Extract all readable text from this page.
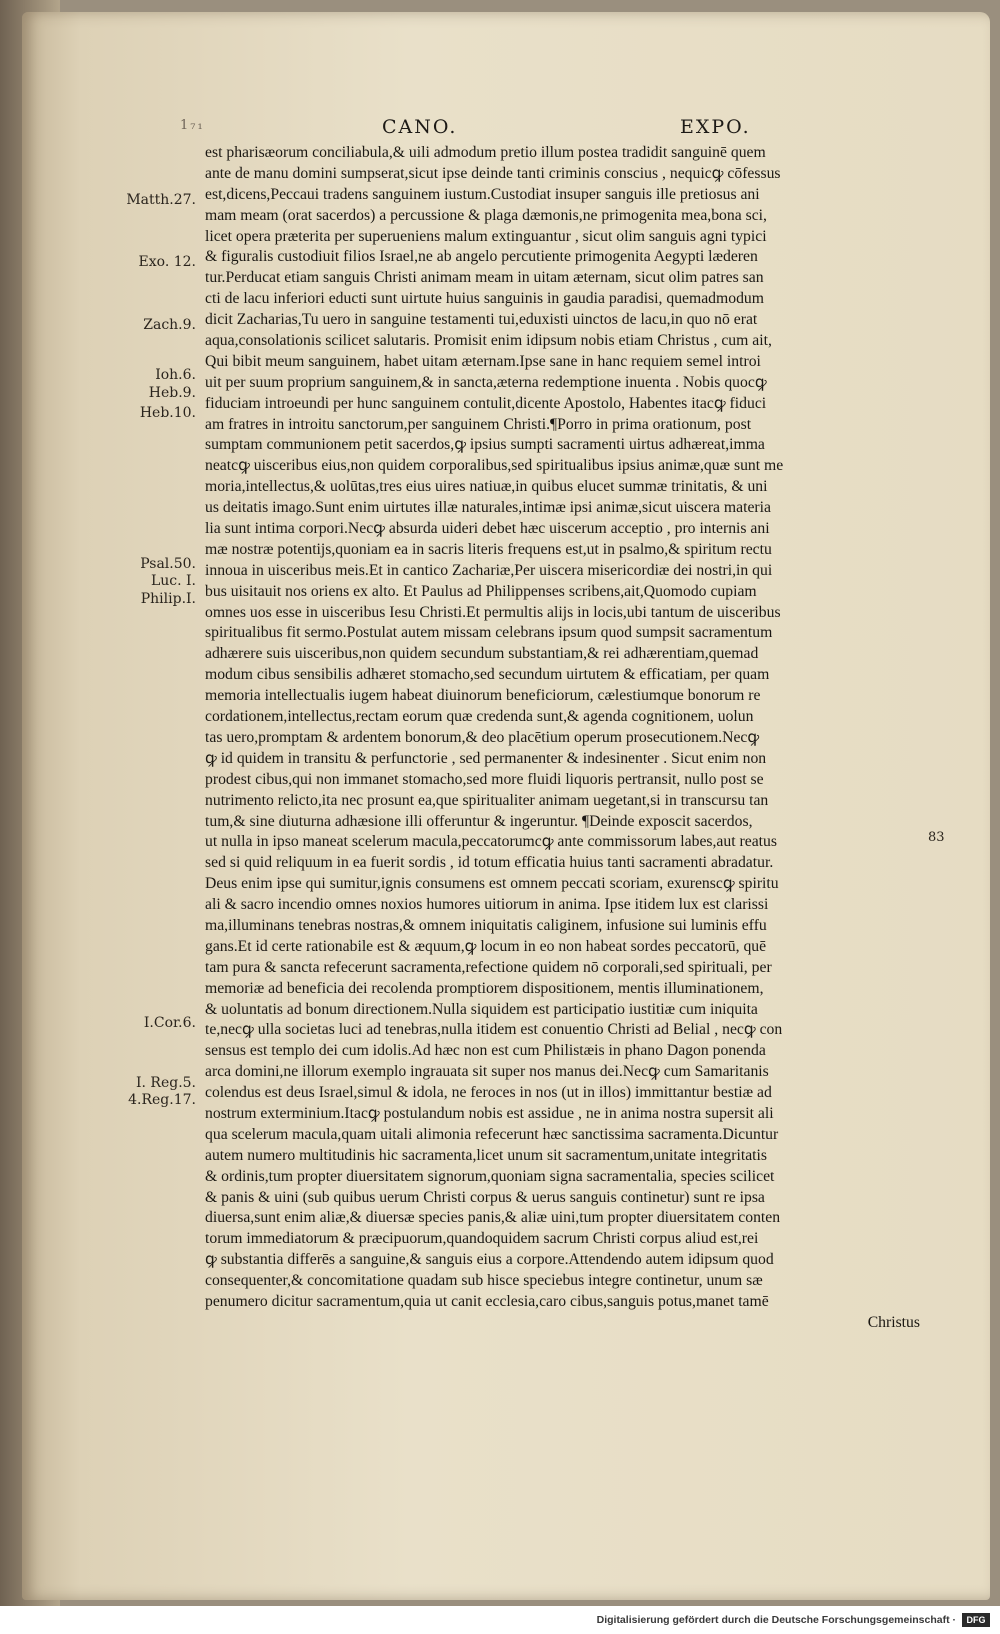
1₇₁	CANO.	EXPO.
Matth.27.
Exo. 12.
Zach.9.
Ioh.6.
Heb.9.
Heb.10.
Psal.50.
Luc. I.
Philip.I.
I.Cor.6.
I. Reg.5.
4.Reg.17.
83
est pharisæorum conciliabula,& uili admodum pretio illum postea tradidit sanguinē quem
ante de manu domini sumpserat,sicut ipse deinde tanti criminis conscius , nequicꝙ cōfessus
est,dicens,Peccaui tradens sanguinem iustum.Custodiat insuper sanguis ille pretiosus ani
mam meam (orat sacerdos) a percussione & plaga dæmonis,ne primogenita mea,bona sci,
licet opera præterita per superueniens malum extinguantur , sicut olim sanguis agni typici
& figuralis custodiuit filios Israel,ne ab angelo percutiente primogenita Aegypti læderen
tur.Perducat etiam sanguis Christi animam meam in uitam æternam, sicut olim patres san
cti de lacu inferiori educti sunt uirtute huius sanguinis in gaudia paradisi, quemadmodum
dicit Zacharias,Tu uero in sanguine testamenti tui,eduxisti uinctos de lacu,in quo nō erat
aqua,consolationis scilicet salutaris. Promisit enim idipsum nobis etiam Christus , cum ait,
Qui bibit meum sanguinem, habet uitam æternam.Ipse sane in hanc requiem semel introi
uit per suum proprium sanguinem,& in sancta,æterna redemptione inuenta . Nobis quocꝙ
fiduciam introeundi per hunc sanguinem contulit,dicente Apostolo, Habentes itacꝙ fiduci
am fratres in introitu sanctorum,per sanguinem Christi.¶Porro in prima orationum, post
sumptam communionem petit sacerdos,ꝙ ipsius sumpti sacramenti uirtus adhæreat,imma
neatcꝙ uisceribus eius,non quidem corporalibus,sed spiritualibus ipsius animæ,quæ sunt me
moria,intellectus,& uolūtas,tres eius uires natiuæ,in quibus elucet summæ trinitatis, & uni
us deitatis imago.Sunt enim uirtutes illæ naturales,intimæ ipsi animæ,sicut uiscera materia
lia sunt intima corpori.Necꝙ absurda uideri debet hæc uiscerum acceptio , pro internis ani
mæ nostræ potentijs,quoniam ea in sacris literis frequens est,ut in psalmo,& spiritum rectu
innoua in uisceribus meis.Et in cantico Zachariæ,Per uiscera misericordiæ dei nostri,in qui
bus uisitauit nos oriens ex alto. Et Paulus ad Philippenses scribens,ait,Quomodo cupiam
omnes uos esse in uisceribus Iesu Christi.Et permultis alijs in locis,ubi tantum de uisceribus
spiritualibus fit sermo.Postulat autem missam celebrans ipsum quod sumpsit sacramentum
adhærere suis uisceribus,non quidem secundum substantiam,& rei adhærentiam,quemad
modum cibus sensibilis adhæret stomacho,sed secundum uirtutem & efficatiam, per quam
memoria intellectualis iugem habeat diuinorum beneficiorum, cælestiumque bonorum re
cordationem,intellectus,rectam eorum quæ credenda sunt,& agenda cognitionem, uolun
tas uero,promptam & ardentem bonorum,& deo placētium operum prosecutionem.Necꝙ
ꝙ id quidem in transitu & perfunctorie , sed permanenter & indesinenter . Sicut enim non
prodest cibus,qui non immanet stomacho,sed more fluidi liquoris pertransit, nullo post se
nutrimento relicto,ita nec prosunt ea,que spiritualiter animam uegetant,si in transcursu tan
tum,& sine diuturna adhæsione illi offeruntur & ingeruntur. ¶Deinde exposcit sacerdos,
ut nulla in ipso maneat scelerum macula,peccatorumcꝙ ante commissorum labes,aut reatus
sed si quid reliquum in ea fuerit sordis , id totum efficatia huius tanti sacramenti abradatur.
Deus enim ipse qui sumitur,ignis consumens est omnem peccati scoriam, exurenscꝙ spiritu
ali & sacro incendio omnes noxios humores uitiorum in anima. Ipse itidem lux est clarissi
ma,illuminans tenebras nostras,& omnem iniquitatis caliginem, infusione sui luminis effu
gans.Et id certe rationabile est & æquum,ꝙ locum in eo non habeat sordes peccatorū, quē
tam pura & sancta refecerunt sacramenta,refectione quidem nō corporali,sed spirituali, per
memoriæ ad beneficia dei recolenda promptiorem dispositionem, mentis illuminationem,
& uoluntatis ad bonum directionem.Nulla siquidem est participatio iustitiæ cum iniquita
te,necꝙ ulla societas luci ad tenebras,nulla itidem est conuentio Christi ad Belial , necꝙ con
sensus est templo dei cum idolis.Ad hæc non est cum Philistæis in phano Dagon ponenda
arca domini,ne illorum exemplo ingrauata sit super nos manus dei.Necꝙ cum Samaritanis
colendus est deus Israel,simul & idola, ne feroces in nos (ut in illos) immittantur bestiæ ad
nostrum exterminium.Itacꝙ postulandum nobis est assidue , ne in anima nostra supersit ali
qua scelerum macula,quam uitali alimonia refecerunt hæc sanctissima sacramenta.Dicuntur
autem numero multitudinis hic sacramenta,licet unum sit sacramentum,unitate integritatis
& ordinis,tum propter diuersitatem signorum,quoniam signa sacramentalia, species scilicet
& panis & uini (sub quibus uerum Christi corpus & uerus sanguis continetur) sunt re ipsa
diuersa,sunt enim aliæ,& diuersæ species panis,& aliæ uini,tum propter diuersitatem conten
torum immediatorum & præcipuorum,quandoquidem sacrum Christi corpus aliud est,rei
ꝙ substantia differēs a sanguine,& sanguis eius a corpore.Attendendo autem idipsum quod
consequenter,& concomitatione quadam sub hisce speciebus integre continetur, unum sæ
penumero dicitur sacramentum,quia ut canit ecclesia,caro cibus,sanguis potus,manet tamē
Christus
Digitalisierung gefördert durch die Deutsche Forschungsgemeinschaft ·	DFG
